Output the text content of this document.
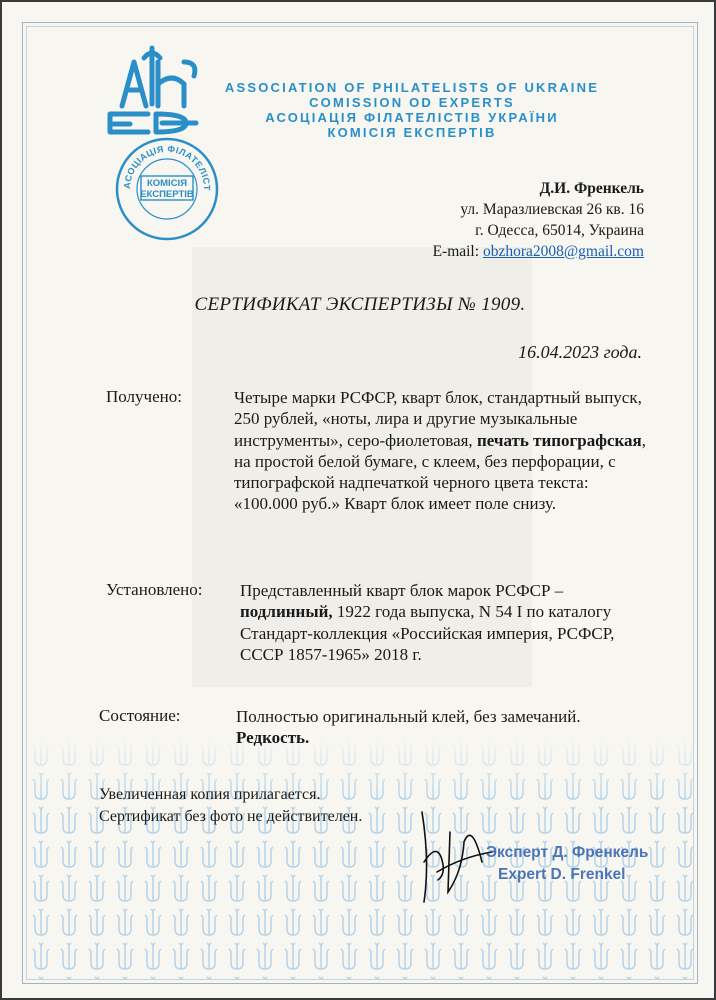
АСОЦІАЦІЯ ФІЛАТЕЛІСТ
КОМІСІЯ
ЕКСПЕРТІВ
ASSOCIATION OF PHILATELISTS OF UKRAINE
COMISSION OD EXPERTS
АСОЦІАЦІЯ ФІЛАТЕЛІСТІВ УКРАЇНИ
КОМІСІЯ ЕКСПЕРТІВ
Д.И. Френкель
ул. Маразлиевская 26 кв. 16
г. Одесса, 65014, Украина
E-mail: obzhora2008@gmail.com
СЕРТИФИКАТ ЭКСПЕРТИЗЫ № 1909.
16.04.2023 года.
Получено:	Четыре марки РСФСР, кварт блок, стандартный выпуск, 250 рублей, «ноты, лира и другие музыкальные инструменты», серо-фиолетовая, печать типографская, на простой белой бумаге, с клеем, без перфорации, с типографской надпечаткой черного цвета текста: «100.000 руб.» Кварт блок имеет поле снизу.

Установлено: Представленный кварт блок марок РСФСР – подлинный, 1922 года выпуска, N 54 I по каталогу Стандарт-коллекция «Российская империя, РСФСР, СССР 1857-1965» 2018 г.

Состояние:	Полностью оригинальный клей, без замечаний.

Редкость.

Увеличенная копия прилагается.
Сертификат без фото не действителен.
Эксперт Д. Френкель
Expert D. Frenkel
